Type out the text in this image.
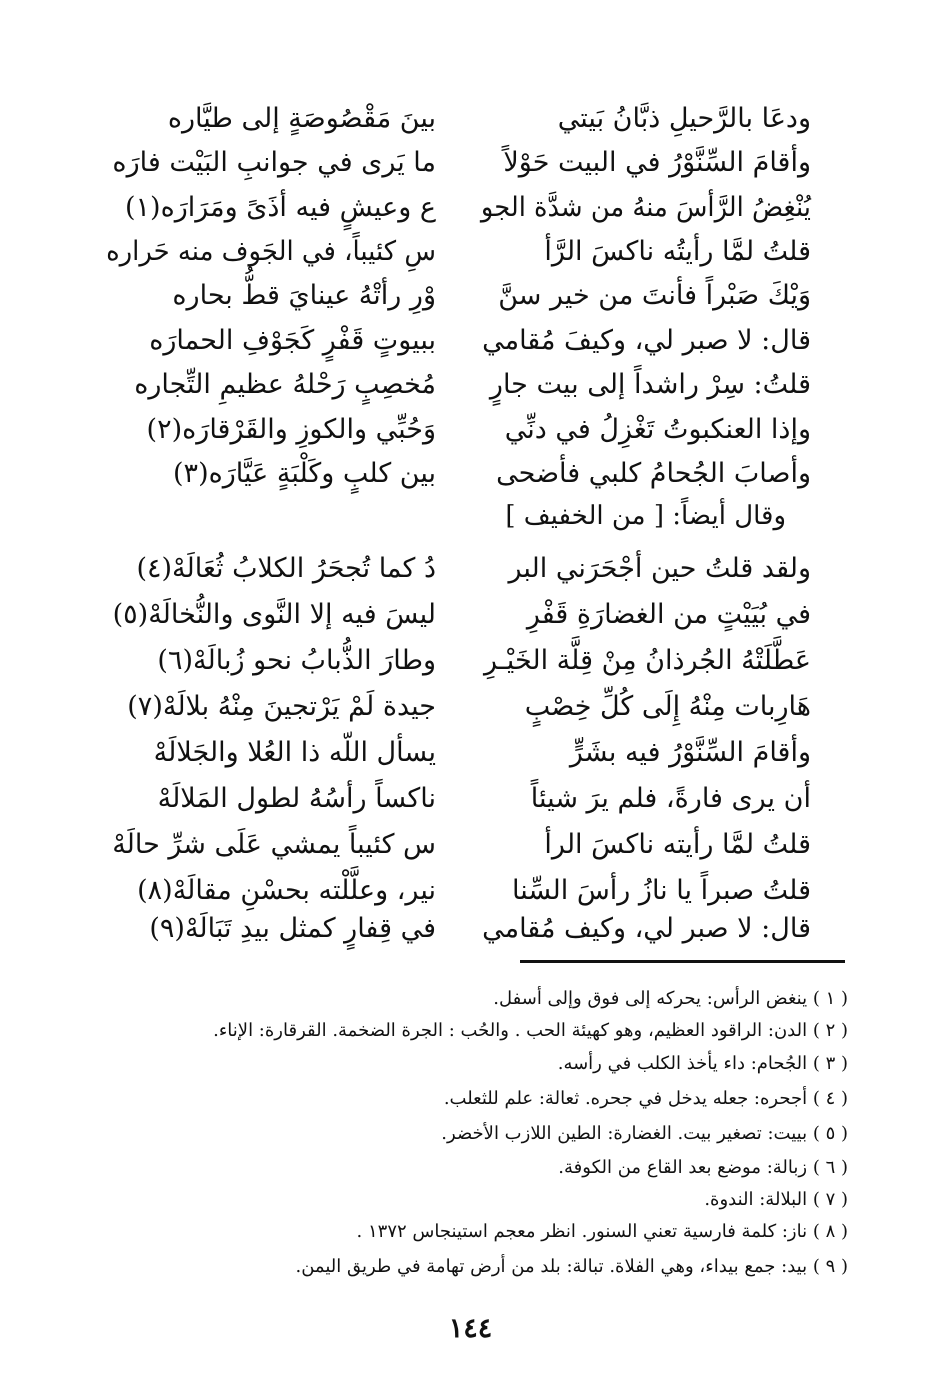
ودعَا بالرَّحيلِ ذبَّانُ بَيتي
وأقامَ السِّنَّوْرُ في البيت حَوْلاً
يُنْغِضُ الرَّأسَ منهُ من شدَّة الجو
قلتُ لمَّا رأيتُه ناكسَ الرَّأ
وَيْكَ صَبْراً فأنتَ من خير سنَّ
قال: لا صبر لي، وكيفَ مُقامي
قلتُ: سِرْ راشداً إلى بيت جارٍ
وإذا العنكبوتُ تَغْزِلُ في دنِّي
وأصابَ الجُحامُ كلبي فأضحى
بينَ مَقْصُوصَةٍ إلى طيَّاره
ما يَرى في جوانبِ البَيْت فارَه
ع وعيشٍ فيه أذَىً ومَرَارَه(١)
سِ كئيباً، في الجَوف منه حَراره
وْرِ رأتْهُ عينايَ قطُّ بحاره
ببيوتٍ قَفْرٍ كَجَوْفِ الحمارَه
مُخصِبٍ رَحْلهُ عظيمِ التِّجاره
وَحُبِّي والكوزِ والقَرْقارَه(٢)
بين كلبٍ وكَلْبَةٍ عَيَّارَه(٣)
وقال أيضاً: [ من الخفيف ]
ولقد قلتُ حين أجْحَرَني البر
في بُيَيْتٍ من الغضارَةِ قَفْرِ
عَطَّلَتْهُ الجُرذانُ مِنْ قِلَّة الخَيْـرِ
هَارِبات مِنْهُ إِلَى كُلِّ خِصْبٍ
وأقامَ السِّنَّوْرُ فيه بشَرٍّ
أن يرى فارةً، فلم يرَ شيئاً
قلتُ لمَّا رأيته ناكسَ الرأ
قلتُ صبراً يا نازُ رأسَ السِّنا
قال: لا صبر لي، وكيف مُقامي
دُ كما تُجحَرُ الكلابُ ثُعَالَهْ(٤)
ليسَ فيه إلا النَّوى والنُّخالَهْ(٥)
وطارَ الذُّبابُ نحو زُبالَهْ(٦)
جيدة لَمْ يَرْتجينَ مِنْهُ بلالَهْ(٧)
يسأل اللّه ذا العُلا والجَلالَهْ
ناكساً رأسُهُ لطول المَلالَهْ
س كئيباً يمشي عَلَى شرِّ حالَهْ
نير، وعلَّلْته بحسْنِ مقالَهْ(٨)
في قِفارٍ كمثل بيدِ تَبَالَهْ(٩)
( ١ ) ينغض الرأس: يحركه إلى فوق وإلى أسفل.
( ٢ ) الدن: الراقود العظيم، وهو كهيئة الحب . والحُب : الجرة الضخمة. القرقارة: الإناء.
( ٣ ) الجُحام: داء يأخذ الكلب في رأسه.
( ٤ ) أجحره: جعله يدخل في جحره. ثعالة: علم للثعلب.
( ٥ ) بييت: تصغير بيت. الغضارة: الطين اللازب الأخضر.
( ٦ ) زبالة: موضع بعد القاع من الكوفة.
( ٧ ) البلالة: الندوة.
( ٨ ) ناز: كلمة فارسية تعني السنور. انظر معجم استينجاس ١٣٧٢ .
( ٩ ) بيد: جمع بيداء، وهي الفلاة. تبالة: بلد من أرض تهامة في طريق اليمن.
١٤٤
